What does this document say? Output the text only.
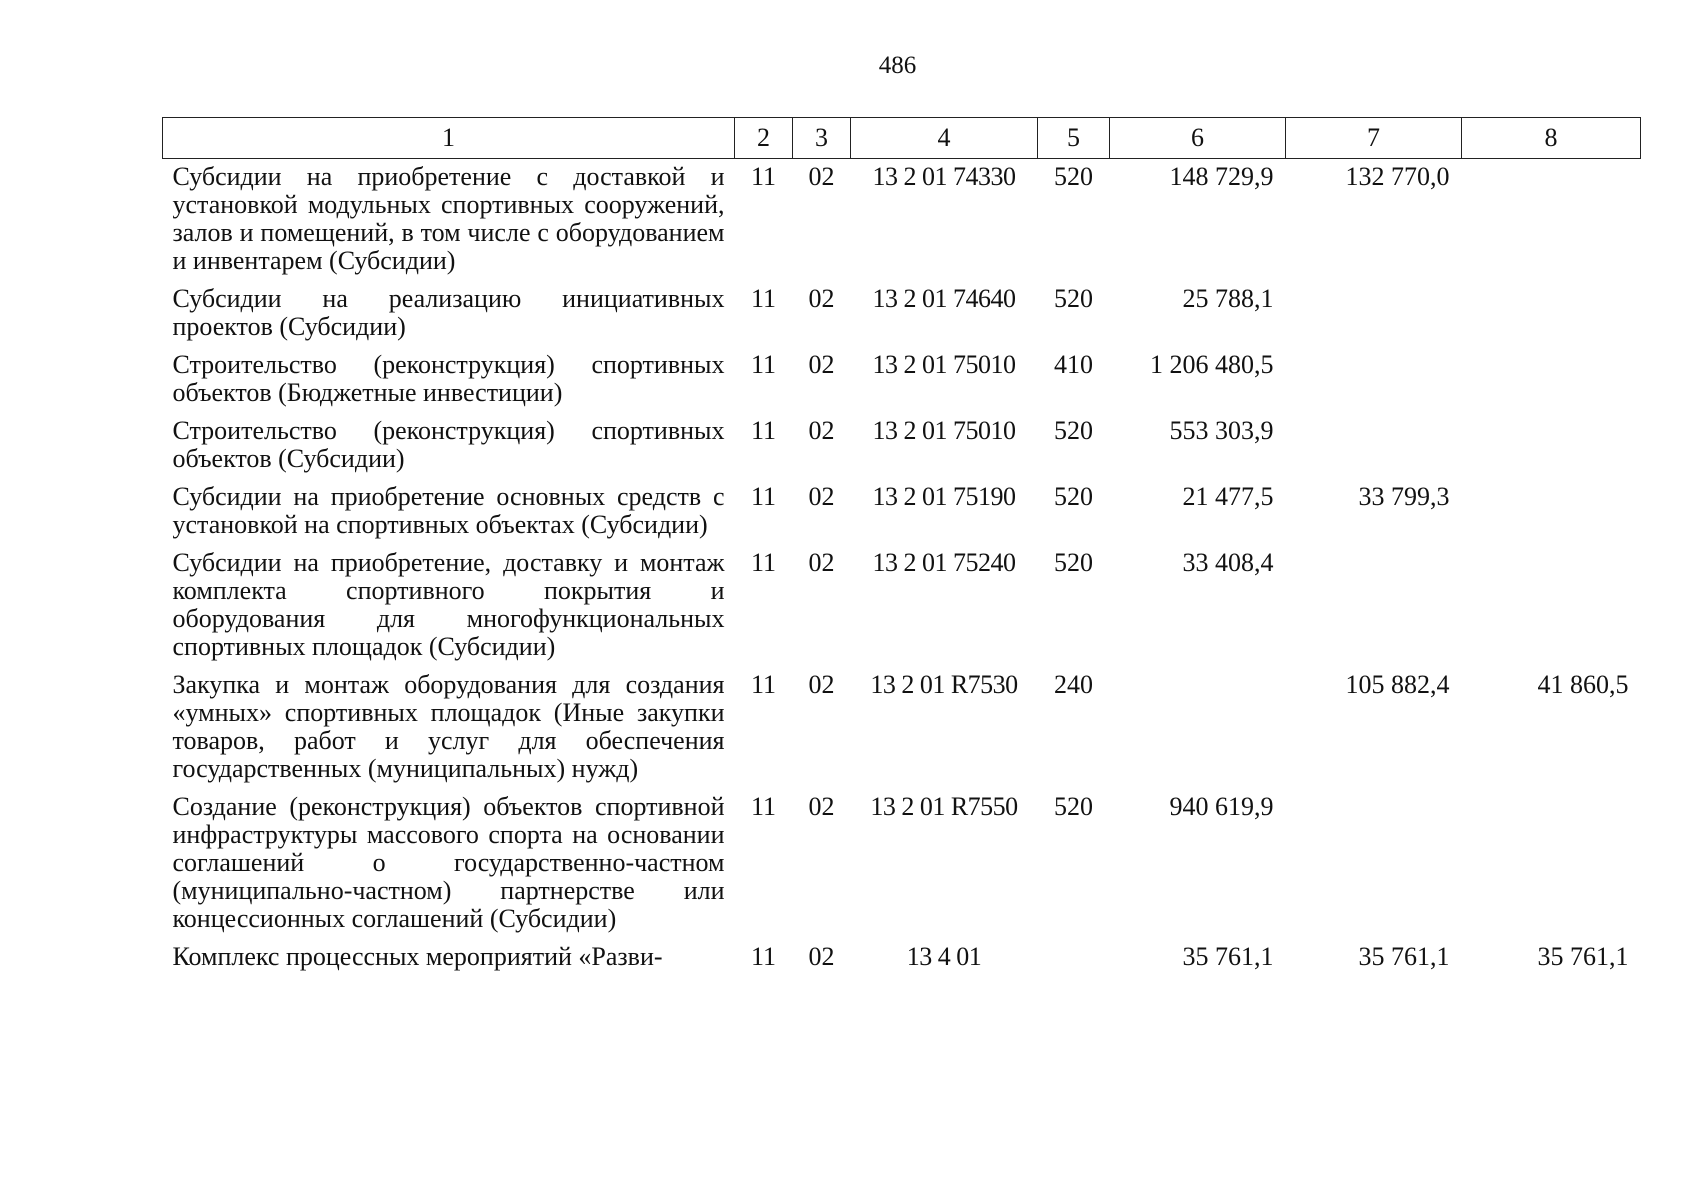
486
1	2	3	4	5	6	7	8
Субсидии на приобретение с доставкой и установкой модульных спортивных сооружений, залов и помещений, в том числе с оборудованием и инвентарем (Субсидии)	11	02	13 2 01 74330	520	148 729,9	132 770,0	
Субсидии на реализацию инициативных проектов (Субсидии)	11	02	13 2 01 74640	520	25 788,1		
Строительство (реконструкция) спортивных объектов (Бюджетные инвестиции)	11	02	13 2 01 75010	410	1 206 480,5		
Строительство (реконструкция) спортивных объектов (Субсидии)	11	02	13 2 01 75010	520	553 303,9		
Субсидии на приобретение основных средств с установкой на спортивных объектах (Субсидии)	11	02	13 2 01 75190	520	21 477,5	33 799,3	
Субсидии на приобретение, доставку и монтаж комплекта спортивного покрытия и оборудования для многофункциональных спортивных площадок (Субсидии)	11	02	13 2 01 75240	520	33 408,4		
Закупка и монтаж оборудования для создания «умных» спортивных площадок (Иные закупки товаров, работ и услуг для обеспечения государственных (муниципальных) нужд)	11	02	13 2 01 R7530	240		105 882,4	41 860,5
Создание (реконструкция) объектов спортивной инфраструктуры массового спорта на основании соглашений о государственно-частном (муниципально-частном) партнерстве или концессионных соглашений (Субсидии)	11	02	13 2 01 R7550	520	940 619,9		
Комплекс процессных мероприятий «Разви-	11	02	13 4 01		35 761,1	35 761,1	35 761,1
